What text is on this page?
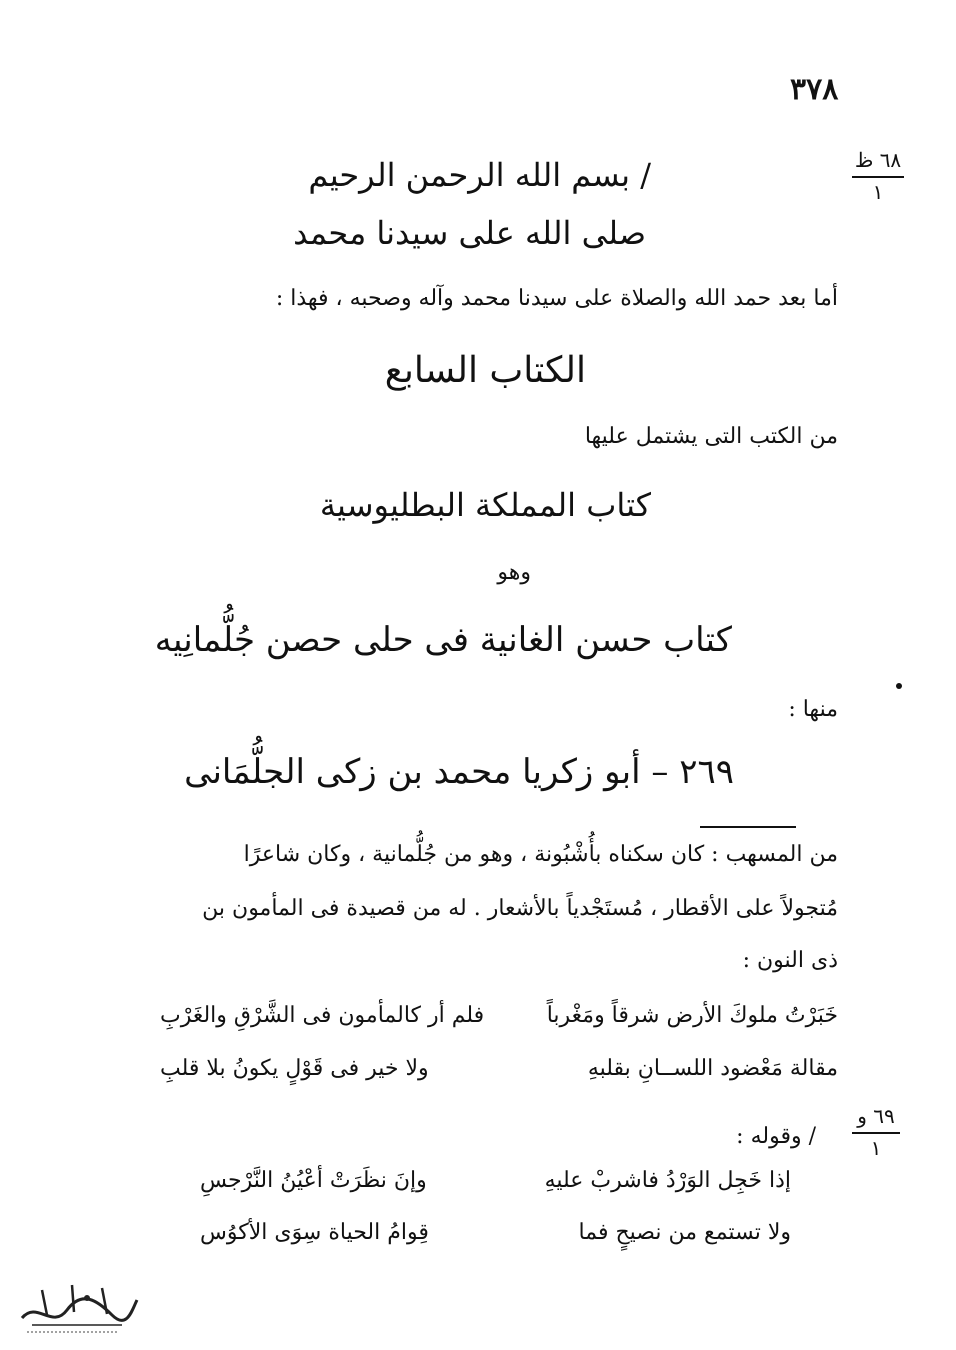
٣٧٨
٦٨ ظ
١
/ بسم الله الرحمن الرحيم
صلى الله على سيدنا محمد
أما بعد حمد الله والصلاة على سيدنا محمد وآله وصحبه ، فهذا :
الكتاب السابع
من الكتب التى يشتمل عليها
كتاب المملكة البطليوسية
وهو
كتاب حسن الغانية فى حلى حصن جُلُّمانِيه
منها :
٢٦٩ – أبو زكريا محمد بن زكى الجلُّمَانى
من المسهب : كان سكناه بأُشْبُونة ، وهو من جُلُّمانية ، وكان شاعرًا
مُتجولاً على الأقطار ، مُستَجْدياً بالأشعار . له من قصيدة فى المأمون بن
ذى النون :
خَبَرْتُ ملوكَ الأرض شرقاً ومَغْرباً
فلم أر كالمأمون فى الشَّرْقِ والغَرْبِ
مقالة مَعْضود اللســانِ بقلبهِ
ولا خير فى قَوْلٍ يكونُ بلا قلبِ
٦٩ و
١
/ وقوله :
إذا خَجِل الوَرْدُ فاشربْ عليهِ
وإنَ نظَرَتْ أعْيُنُ النَّرْجسِ
ولا تستمع من نصيحٍ فما
قِوامُ الحياة سِوَى الأكوُس
